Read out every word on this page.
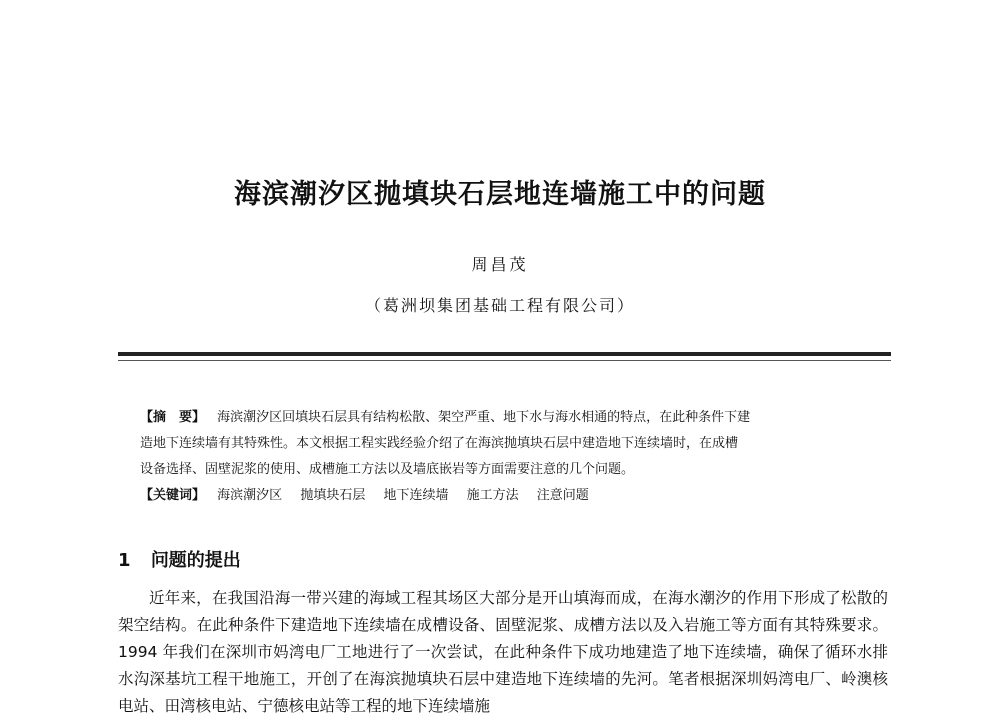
海滨潮汐区抛填块石层地连墙施工中的问题
周昌茂
（葛洲坝集团基础工程有限公司）

【摘　要】 海滨潮汐区回填块石层具有结构松散、架空严重、地下水与海水相通的特点，在此种条件下建

造地下连续墙有其特殊性。本文根据工程实践经验介绍了在海滨抛填块石层中建造地下连续墙时，在成槽

设备选择、固壁泥浆的使用、成槽施工方法以及墙底嵌岩等方面需要注意的几个问题。

【关键词】 海滨潮汐区 抛填块石层 地下连续墙 施工方法 注意问题

1 问题的提出

近年来，在我国沿海一带兴建的海域工程其场区大部分是开山填海而成，在海水潮汐的作用下形成了松散的架空结构。在此种条件下建造地下连续墙在成槽设备、固壁泥浆、成槽方法以及入岩施工等方面有其特殊要求。1994 年我们在深圳市妈湾电厂工地进行了一次尝试，在此种条件下成功地建造了地下连续墙，确保了循环水排水沟深基坑工程干地施工，开创了在海滨抛填块石层中建造地下连续墙的先河。笔者根据深圳妈湾电厂、岭澳核电站、田湾核电站、宁德核电站等工程的地下连续墙施
